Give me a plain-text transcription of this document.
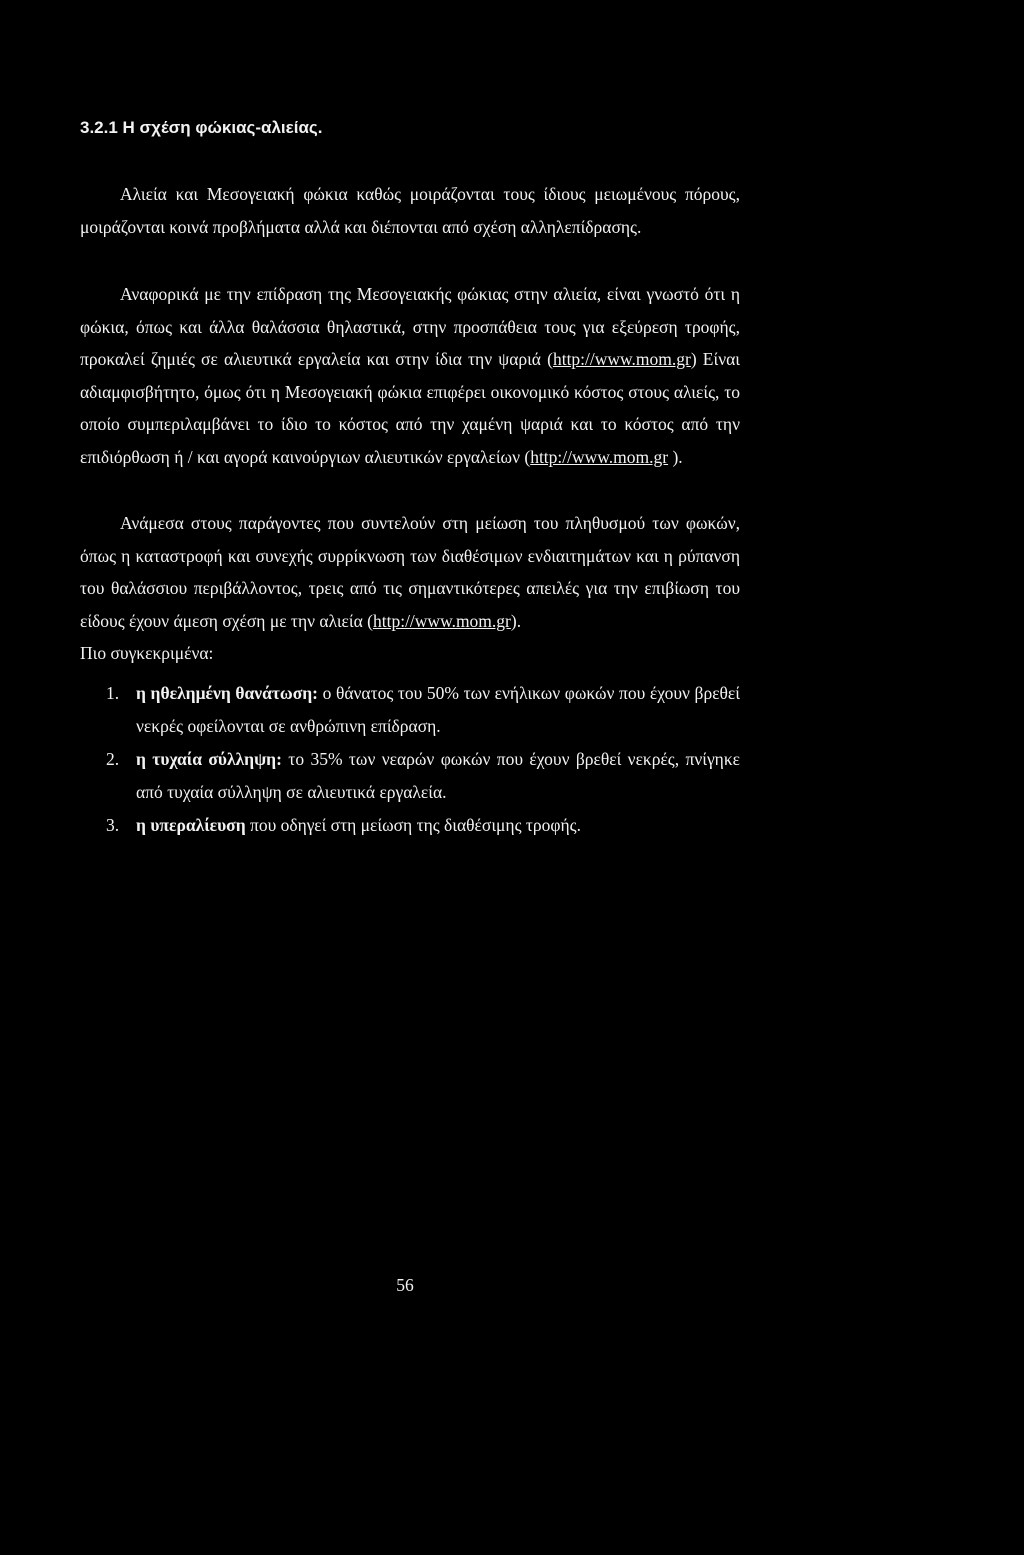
3.2.1 Η σχέση φώκιας-αλιείας.
Αλιεία και Μεσογειακή φώκια καθώς μοιράζονται τους ίδιους μειωμένους πόρους, μοιράζονται κοινά προβλήματα αλλά και διέπονται από σχέση αλληλεπίδρασης.
Αναφορικά με την επίδραση της Μεσογειακής φώκιας στην αλιεία, είναι γνωστό ότι η φώκια, όπως και άλλα θαλάσσια θηλαστικά, στην προσπάθεια τους για εξεύρεση τροφής, προκαλεί ζημιές σε αλιευτικά εργαλεία και στην ίδια την ψαριά (http://www.mom.gr) Είναι αδιαμφισβήτητο, όμως ότι η Μεσογειακή φώκια επιφέρει οικονομικό κόστος στους αλιείς, το οποίο συμπεριλαμβάνει το ίδιο το κόστος από την χαμένη ψαριά και το κόστος από την επιδιόρθωση ή / και αγορά καινούργιων αλιευτικών εργαλείων (http://www.mom.gr ).
Ανάμεσα στους παράγοντες που συντελούν στη μείωση του πληθυσμού των φωκών, όπως η καταστροφή και συνεχής συρρίκνωση των διαθέσιμων ενδιαιτημάτων και η ρύπανση του θαλάσσιου περιβάλλοντος, τρεις από τις σημαντικότερες απειλές για την επιβίωση του είδους έχουν άμεση σχέση με την αλιεία (http://www.mom.gr).
Πιο συγκεκριμένα:
1. η ηθελημένη θανάτωση: ο θάνατος του 50% των ενήλικων φωκών που έχουν βρεθεί νεκρές οφείλονται σε ανθρώπινη επίδραση.
2. η τυχαία σύλληψη: το 35% των νεαρών φωκών που έχουν βρεθεί νεκρές, πνίγηκε από τυχαία σύλληψη σε αλιευτικά εργαλεία.
3. η υπεραλίευση που οδηγεί στη μείωση της διαθέσιμης τροφής.
56
